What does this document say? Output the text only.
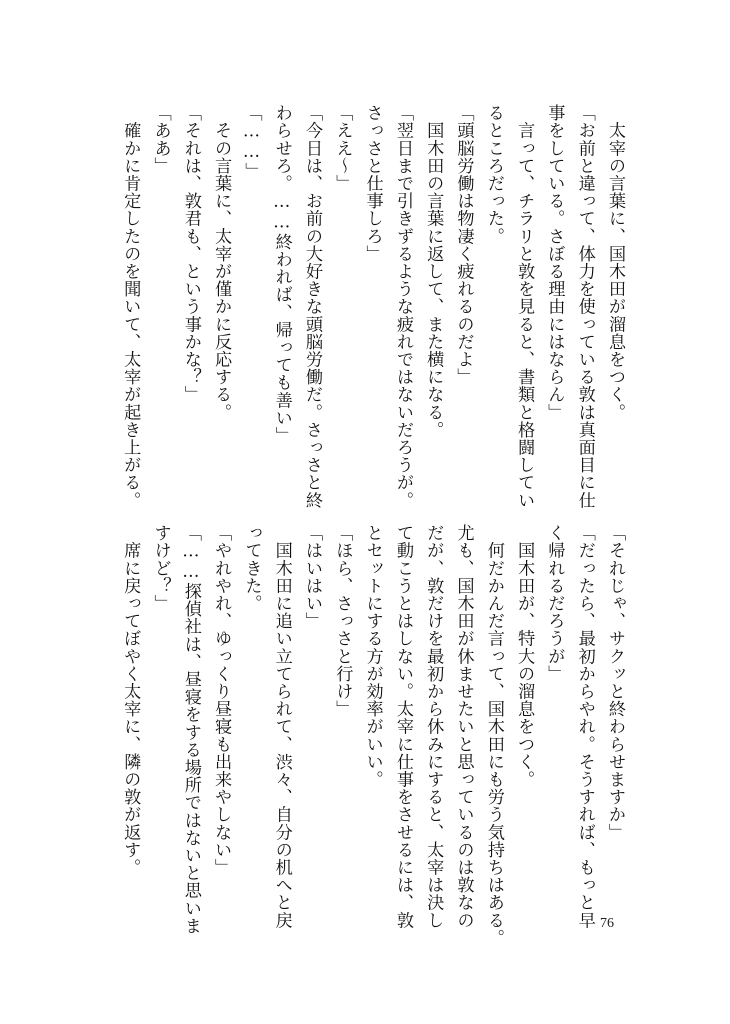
　太宰の言葉に、国木田が溜息をつく。
「お前と違って、体力を使っている敦は真面目に仕
事をしている。さぼる理由にはならん」
　言って、チラリと敦を見ると、書類と格闘してい
るところだった。
「頭脳労働は物凄く疲れるのだよ」
　国木田の言葉に返して、また横になる。
「翌日まで引きずるような疲れではないだろうが。
さっさと仕事しろ」
「ええ〜」
「今日は、お前の大好きな頭脳労働だ。さっさと終
わらせろ。……終われば、帰っても善い」
「……」
　その言葉に、太宰が僅かに反応する。
「それは、敦君も、という事かな？」
「ああ」
　確かに肯定したのを聞いて、太宰が起き上がる。
「それじゃ、サクッと終わらせますか」
「だったら、最初からやれ。そうすれば、もっと早
く帰れるだろうが」
　国木田が、特大の溜息をつく。
　何だかんだ言って、国木田にも労う気持ちはある。
尤も、国木田が休ませたいと思っているのは敦なの
だが、敦だけを最初から休みにすると、太宰は決し
て動こうとはしない。太宰に仕事をさせるには、敦
とセットにする方が効率がいい。
「ほら、さっさと行け」
「はいはい」
　国木田に追い立てられて、渋々、自分の机へと戻
ってきた。
「やれやれ、ゆっくり昼寝も出来やしない」
「……探偵社は、昼寝をする場所ではないと思いま
すけど？」
　席に戻ってぼやく太宰に、隣の敦が返す。
76
